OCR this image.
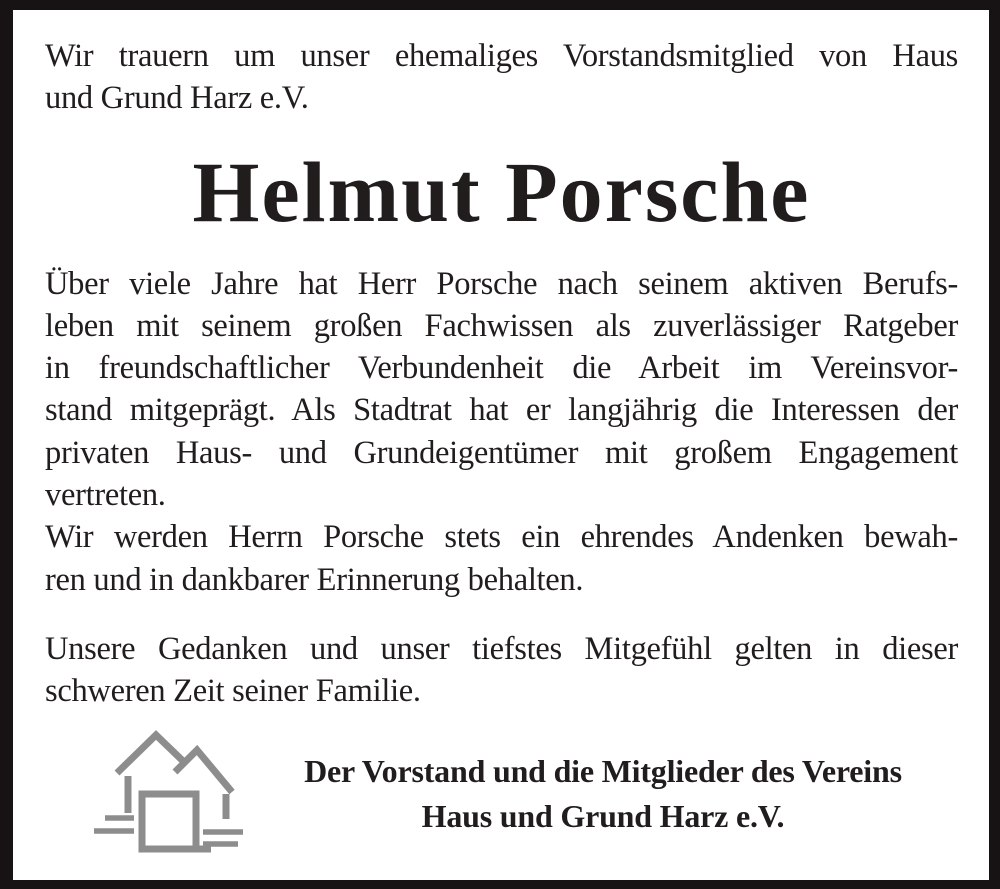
Wir trauern um unser ehemaliges Vorstandsmitglied von Haus
und Grund Harz e.V.
Helmut Porsche
Über viele Jahre hat Herr Porsche nach seinem aktiven Berufs-
leben mit seinem großen Fachwissen als zuverlässiger Ratgeber
in freundschaftlicher Verbundenheit die Arbeit im Vereinsvor-
stand mitgeprägt. Als Stadtrat hat er langjährig die Interessen der
privaten Haus- und Grundeigentümer mit großem Engagement
vertreten.
Wir werden Herrn Porsche stets ein ehrendes Andenken bewah-
ren und in dankbarer Erinnerung behalten.
Unsere Gedanken und unser tiefstes Mitgefühl gelten in dieser
schweren Zeit seiner Familie.
Der Vorstand und die Mitglieder des Vereins
Haus und Grund Harz e.V.
